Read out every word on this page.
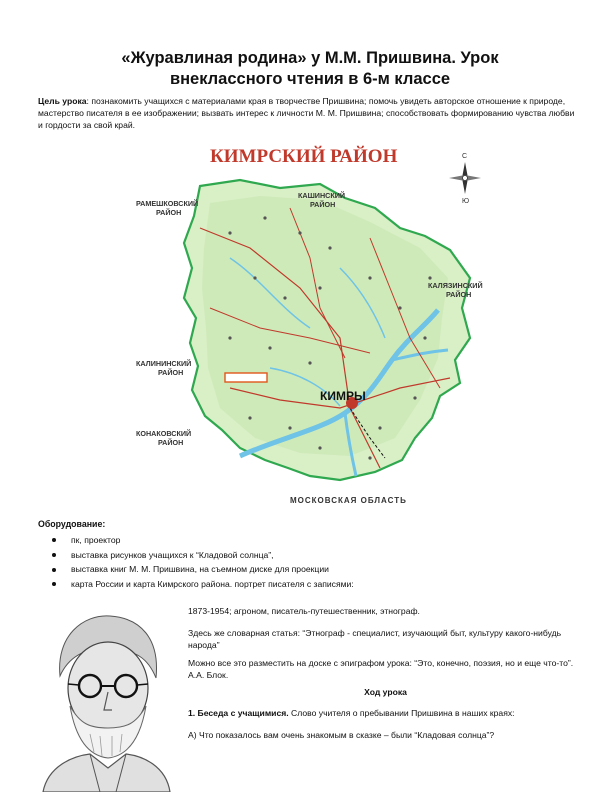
«Журавлиная родина» у М.М. Пришвина. Урок
внеклассного чтения в 6-м классе
Цель урока: познакомить учащихся с материалами края в творчестве Пришвина; помочь увидеть авторское отношение к природе, мастерство писателя в ее изображении; вызвать интерес к личности М. М. Пришвина; способствовать формированию чувства любви и гордости за свой край.
КИМРСКИЙ РАЙОН
КИМРЫ
С
Ю
РАМЕШКОВСКИЙ РАЙОН
КАШИНСКИЙ РАЙОН
КАЛЯЗИНСКИЙ РАЙОН
КАЛИНИНСКИЙ РАЙОН
КОНАКОВСКИЙ РАЙОН
МОСКОВСКАЯ ОБЛАСТЬ
Оборудование:
пк, проектор
выставка рисунков учащихся к “Кладовой солнца”,
выставка книг М. М. Пришвина, на съемном диске для проекции
карта России и карта Кимрского района. портрет писателя с записями:
1873-1954; агроном, писатель-путешественник, этнограф.
Здесь же словарная статья: “Этнограф - специалист, изучающий быт, культуру какого-нибудь народа”
Можно все это разместить на доске с эпиграфом урока: “Это, конечно, поэзия, но и еще что-то”. А.А. Блок.
Ход урока
1. Беседа с учащимися. Слово учителя о пребывании Пришвина в наших краях:
А) Что показалось вам очень знакомым в сказке – были “Кладовая солнца”?
